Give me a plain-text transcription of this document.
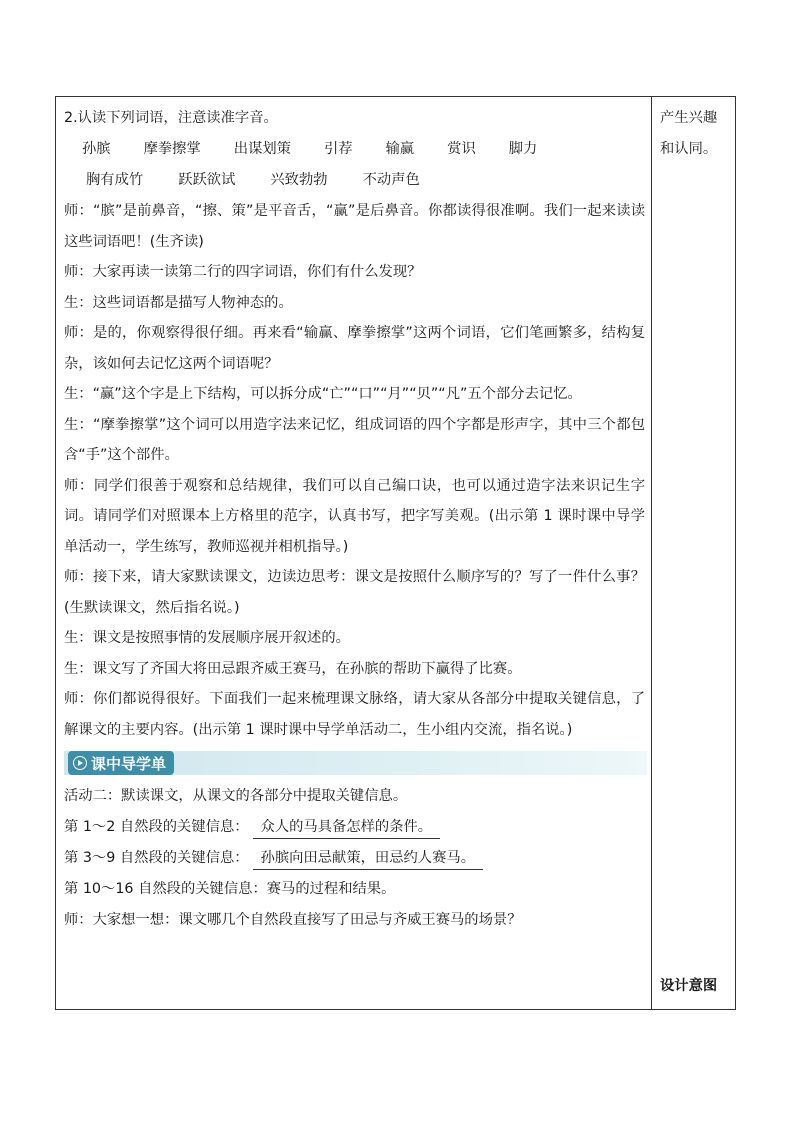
2.认读下列词语，注意读准字音。

孙膑 摩拳擦掌 出谋划策 引荐 输赢 赏识 脚力
胸有成竹 跃跃欲试 兴致勃勃 不动声色

师：“膑”是前鼻音，“擦、策”是平音舌，“赢”是后鼻音。你都读得很准啊。我们一起来读读这些词语吧！(生齐读)

师：大家再读一读第二行的四字词语，你们有什么发现？

生：这些词语都是描写人物神态的。

师：是的，你观察得很仔细。再来看“输赢、摩拳擦掌”这两个词语，它们笔画繁多，结构复杂，该如何去记忆这两个词语呢？

生：“赢”这个字是上下结构，可以拆分成“亡”“口”“月”“贝”“凡”五个部分去记忆。

生：“摩拳擦掌”这个词可以用造字法来记忆，组成词语的四个字都是形声字，其中三个都包含“手”这个部件。

师：同学们很善于观察和总结规律，我们可以自己编口诀，也可以通过造字法来识记生字词。请同学们对照课本上方格里的范字，认真书写，把字写美观。(出示第 1 课时课中导学单活动一，学生练写，教师巡视并相机指导。)

师：接下来，请大家默读课文，边读边思考：课文是按照什么顺序写的？写了一件什么事？(生默读课文，然后指名说。)

生：课文是按照事情的发展顺序展开叙述的。

生：课文写了齐国大将田忌跟齐威王赛马，在孙膑的帮助下赢得了比赛。

师：你们都说得很好。下面我们一起来梳理课文脉络，请大家从各部分中提取关键信息，了解课文的主要内容。(出示第 1 课时课中导学单活动二，生小组内交流，指名说。)

课中导学单

活动二：默读课文，从课文的各部分中提取关键信息。

第 1～2 自然段的关键信息： 众人的马具备怎样的条件。

第 3～9 自然段的关键信息： 孙膑向田忌献策，田忌约人赛马。

第 10～16 自然段的关键信息：赛马的过程和结果。

师：大家想一想：课文哪几个自然段直接写了田忌与齐威王赛马的场景？

产生兴趣

和认同。

设计意图
